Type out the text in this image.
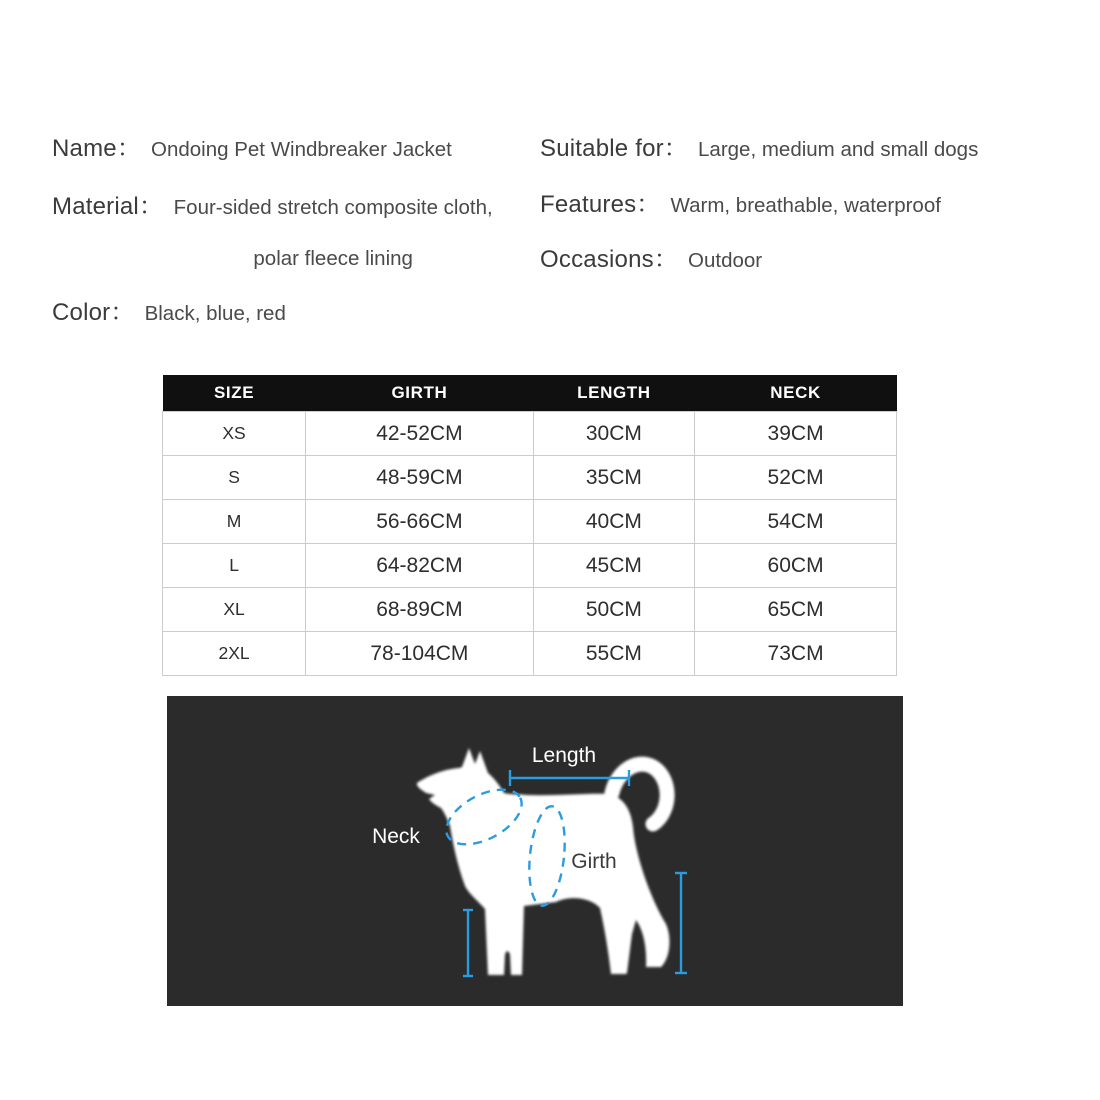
Name： Ondoing Pet Windbreaker Jacket
Material： Four-sided stretch composite cloth, polar fleece lining
Color： Black, blue, red
Suitable for： Large, medium and small dogs
Features： Warm, breathable, waterproof
Occasions： Outdoor
SIZE	GIRTH	LENGTH	NECK
XS	42-52CM	30CM	39CM
S	48-59CM	35CM	52CM
M	56-66CM	40CM	54CM
L	64-82CM	45CM	60CM
XL	68-89CM	50CM	65CM
2XL	78-104CM	55CM	73CM
Length
Neck
Girth
